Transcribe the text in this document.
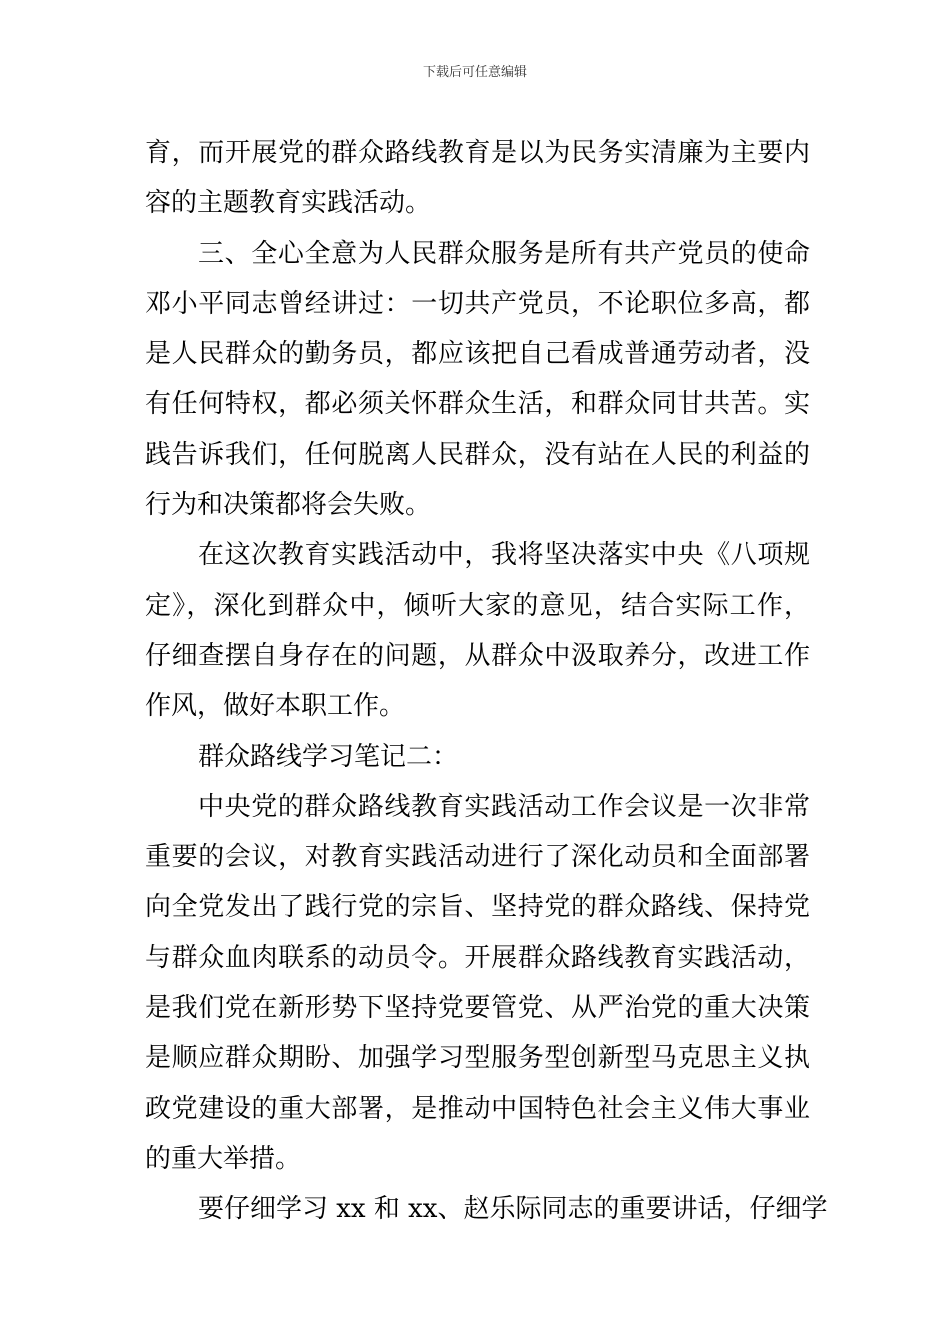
下载后可任意编辑
育，而开展党的群众路线教育是以为民务实清廉为主要内
容的主题教育实践活动。
三、全心全意为人民群众服务是所有共产党员的使命
邓小平同志曾经讲过：一切共产党员，不论职位多高，都
是人民群众的勤务员，都应该把自己看成普通劳动者，没
有任何特权，都必须关怀群众生活，和群众同甘共苦。实
践告诉我们，任何脱离人民群众，没有站在人民的利益的
行为和决策都将会失败。
在这次教育实践活动中，我将坚决落实中央《八项规
定》，深化到群众中，倾听大家的意见，结合实际工作，
仔细查摆自身存在的问题，从群众中汲取养分，改进工作
作风，做好本职工作。
群众路线学习笔记二：
中央党的群众路线教育实践活动工作会议是一次非常
重要的会议，对教育实践活动进行了深化动员和全面部署
向全党发出了践行党的宗旨、坚持党的群众路线、保持党
与群众血肉联系的动员令。开展群众路线教育实践活动，
是我们党在新形势下坚持党要管党、从严治党的重大决策
是顺应群众期盼、加强学习型服务型创新型马克思主义执
政党建设的重大部署，是推动中国特色社会主义伟大事业
的重大举措。
要仔细学习 xx 和 xx、赵乐际同志的重要讲话，仔细学
